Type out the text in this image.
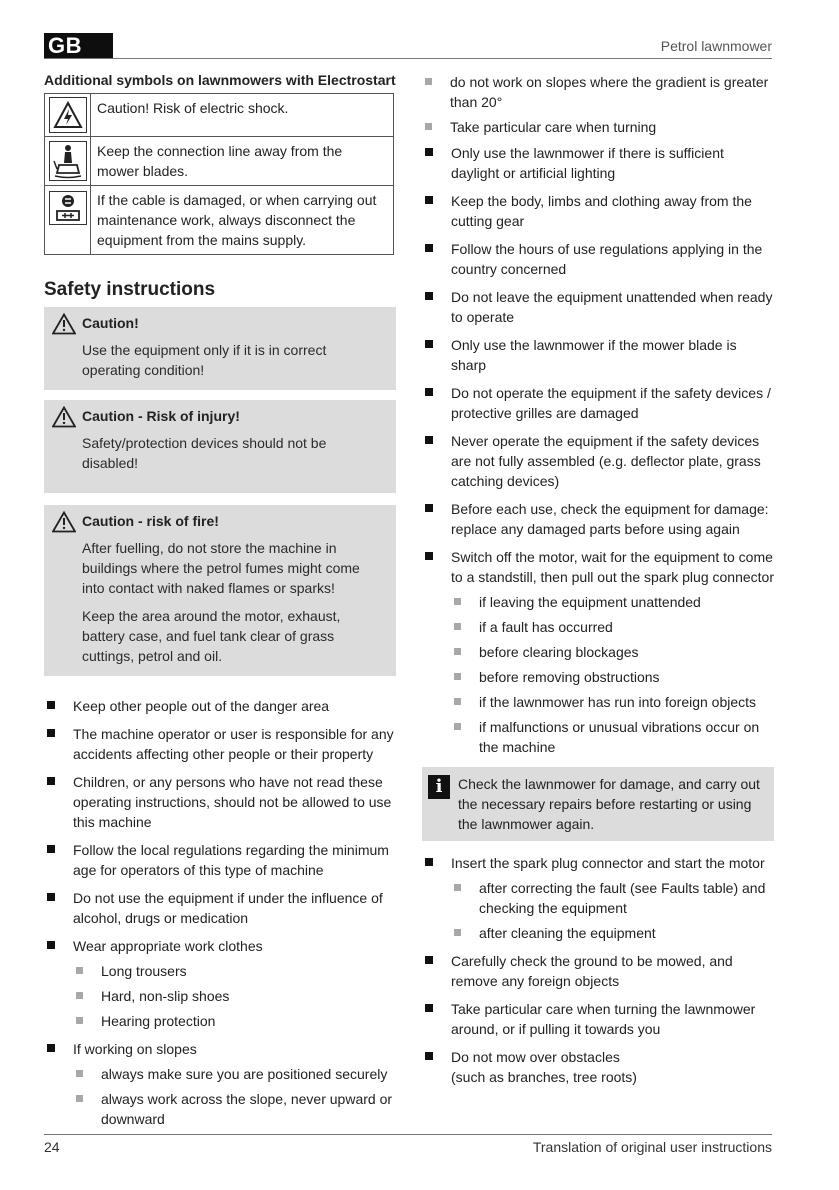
GB	Petrol lawnmower
Additional symbols on lawnmowers with Electrostart
Caution! Risk of electric shock.
Keep the connection line away from the mower blades.
If the cable is damaged, or when carrying out maintenance work, always disconnect the equipment from the mains supply.
Safety instructions
Caution!
Use the equipment only if it is in correct operating condition!
Caution - Risk of injury!
Safety/protection devices should not be disabled!
Caution - risk of fire!
After fuelling, do not store the machine in buildings where the petrol fumes might come into contact with naked flames or sparks!
Keep the area around the motor, exhaust, battery case, and fuel tank clear of grass cuttings, petrol and oil.
Keep other people out of the danger area
The machine operator or user is responsible for any accidents affecting other people or their property
Children, or any persons who have not read these operating instructions, should not be allowed to use this machine
Follow the local regulations regarding the minimum age for operators of this type of machine
Do not use the equipment if under the influence of alcohol, drugs or medication
Wear appropriate work clothes
Long trousers
Hard, non-slip shoes
Hearing protection
If working on slopes
always make sure you are positioned securely
always work across the slope, never upward or downward
do not work on slopes where the gradient is greater than 20°
Take particular care when turning
Only use the lawnmower if there is sufficient daylight or artificial lighting
Keep the body, limbs and clothing away from the cutting gear
Follow the hours of use regulations applying in the country concerned
Do not leave the equipment unattended when ready to operate
Only use the lawnmower if the mower blade is sharp
Do not operate the equipment if the safety devices / protective grilles are damaged
Never operate the equipment if the safety devices are not fully assembled (e.g. deflector plate, grass catching devices)
Before each use, check the equipment for damage: replace any damaged parts before using again
Switch off the motor, wait for the equipment to come to a standstill, then pull out the spark plug connector
if leaving the equipment unattended
if a fault has occurred
before clearing blockages
before removing obstructions
if the lawnmower has run into foreign objects
if malfunctions or unusual vibrations occur on the machine
i	Check the lawnmower for damage, and carry out the necessary repairs before restarting or using the lawnmower again.
Insert the spark plug connector and start the motor
after correcting the fault (see Faults table) and checking the equipment
after cleaning the equipment
Carefully check the ground to be mowed, and remove any foreign objects
Take particular care when turning the lawnmower around, or if pulling it towards you
Do not mow over obstacles
(such as branches, tree roots)
24	Translation of original user instructions
